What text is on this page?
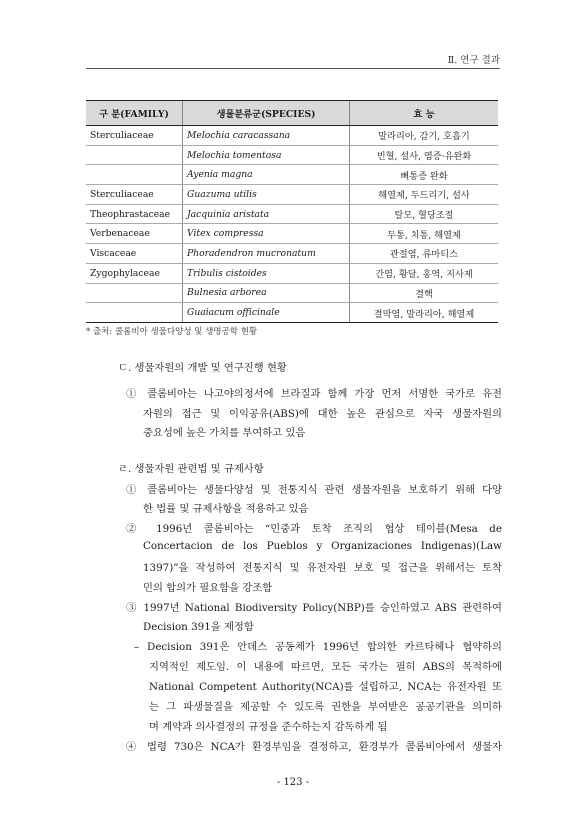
Ⅱ. 연구 결과
구 분(FAMILY)	생물분류군(SPECIES)	효 능
Sterculiaceae	Melochia caracassana	말라리아, 감기, 호흡기
	Melochia tomentosa	빈혈, 설사, 염증·유완화
	Ayenia magna	뼈통증 완화
Sterculiaceae	Guazuma utilis	해열제, 두드리기, 설사
Theophrastaceae	Jacquinia aristata	탈모, 혈당조절
Verbenaceae	Vitex compressa	두통, 치통, 해열제
Viscaceae	Phoradendron mucronatum	관절염, 류마티스
Zygophylaceae	Tribulis cistoides	간염, 황달, 홍역, 지사제
	Bulnesia arborea	결핵
	Guaiacum officinale	결막염, 말라리아, 해열제
* 출처: 콜롬비아 생물다양성 및 생명공학 현황
ㄷ. 생물자원의 개발 및 연구진행 현황
① 콜롬비아는 나고야의정서에 브라질과 함께 가장 먼저 서명한 국가로 유전
자원의 접근 및 이익공유(ABS)에 대한 높은 관심으로 자국 생물자원의
중요성에 높은 가치를 부여하고 있음
ㄹ. 생물자원 관련법 및 규제사항
① 콜롬비아는 생물다양성 및 전통지식 관련 생물자원을 보호하기 위해 다양
한 법률 및 규제사항을 적용하고 있음
② 1996년 콜롬비아는 “민중과 토착 조직의 협상 테이블(Mesa de
Concertacion de los Pueblos y Organizaciones Indigenas)(Law
1397)”을 작성하여 전통지식 및 유전자원 보호 및 접근을 위해서는 토착
민의 합의가 필요함을 강조함
③ 1997년 National Biodiversity Policy(NBP)를 승인하였고 ABS 관련하여
Decision 391을 제정함
– Decision 391은 안데스 공동체가 1996년 합의한 카르타헤나 협약하의
지역적인 제도임. 이 내용에 따르면, 모든 국가는 필히 ABS의 목적하에
National Competent Authority(NCA)를 설립하고, NCA는 유전자원 또
는 그 파생물질을 제공할 수 있도록 권한을 부여받은 공공기관을 의미하
며 계약과 의사결정의 규정을 준수하는지 감독하게 됨
④ 법령 730은 NCA가 환경부임을 결정하고, 환경부가 콜롬비아에서 생물자
- 123 -
